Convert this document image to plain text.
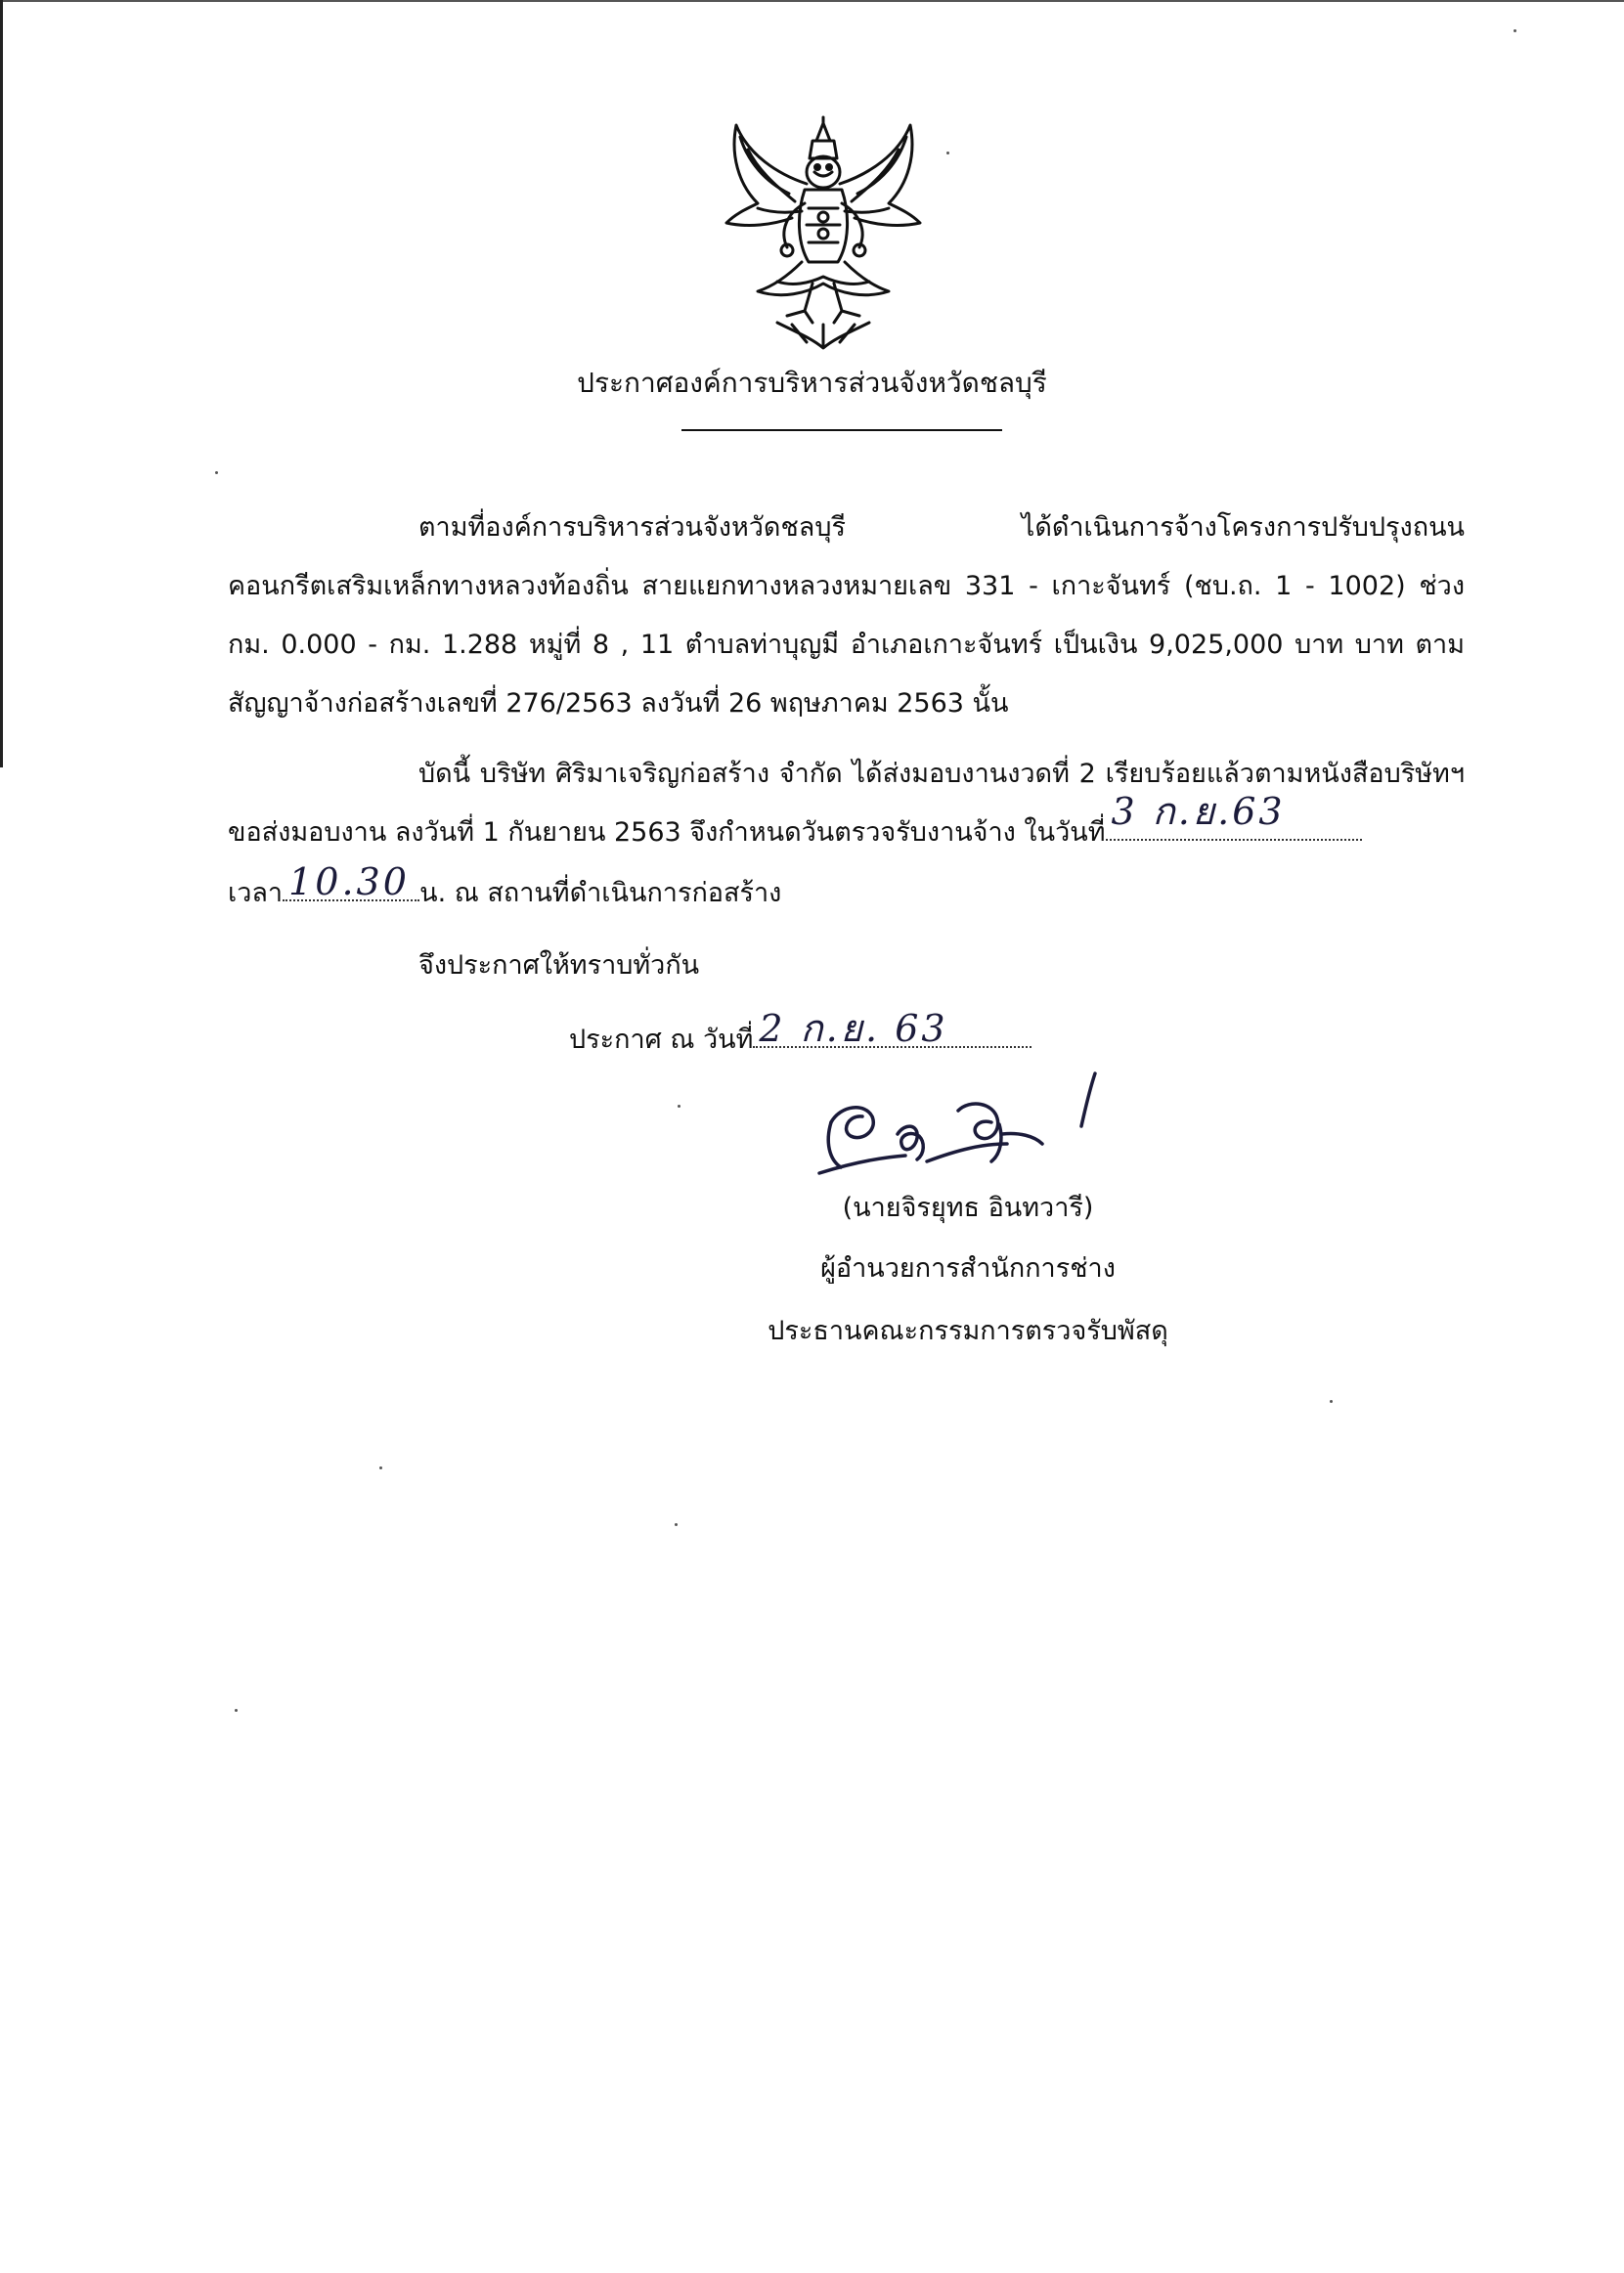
ประกาศองค์การบริหารส่วนจังหวัดชลบุรี

ตามที่องค์การบริหารส่วนจังหวัดชลบุรี ได้ดำเนินการจ้างโครงการปรับปรุงถนนคอนกรีตเสริมเหล็กทางหลวงท้องถิ่น สายแยกทางหลวงหมายเลข 331 - เกาะจันทร์ (ชบ.ถ. 1 - 1002) ช่วง กม. 0.000 - กม. 1.288 หมู่ที่ 8 , 11 ตำบลท่าบุญมี อำเภอเกาะจันทร์ เป็นเงิน 9,025,000 บาท บาท ตามสัญญาจ้างก่อสร้างเลขที่ 276/2563 ลงวันที่ 26 พฤษภาคม 2563 นั้น

บัดนี้ บริษัท ศิริมาเจริญก่อสร้าง จำกัด ได้ส่งมอบงานงวดที่ 2 เรียบร้อยแล้วตามหนังสือบริษัทฯ ขอส่งมอบงาน ลงวันที่ 1 กันยายน 2563 จึงกำหนดวันตรวจรับงานจ้าง ในวันที่ 3 ก.ย.63

เวลา 10.30 น. ณ สถานที่ดำเนินการก่อสร้าง
จึงประกาศให้ทราบทั่วกัน
ประกาศ ณ วันที่ 2 ก.ย. 63
(นายจิรยุทธ อินทวารี)
ผู้อำนวยการสำนักการช่าง
ประธานคณะกรรมการตรวจรับพัสดุ
